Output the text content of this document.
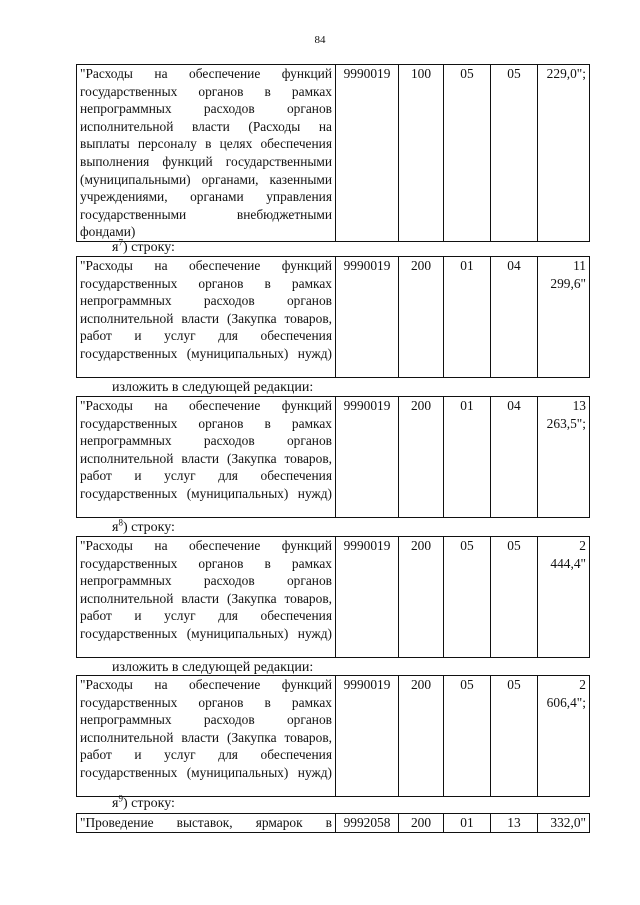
84
"Расходы на обеспечение функций государственных органов в рамках непрограммных расходов органов исполнительной власти (Расходы на выплаты персоналу в целях обеспечения выполнения функций государственными (муниципальными) органами, казенными учреждениями, органами управления государственными внебюджетными фондами)	9990019	100	05	05	229,0";
$я^7$) строку:
"Расходы на обеспечение функций государственных органов в рамках непрограммных расходов органов исполнительной власти (Закупка товаров, работ и услуг для обеспечения государственных (муниципальных) нужд)	9990019	200	01	04	11 299,6"
изложить в следующей редакции:
"Расходы на обеспечение функций государственных органов в рамках непрограммных расходов органов исполнительной власти (Закупка товаров, работ и услуг для обеспечения государственных (муниципальных) нужд)	9990019	200	01	04	13 263,5";
$я^8$) строку:
"Расходы на обеспечение функций государственных органов в рамках непрограммных расходов органов исполнительной власти (Закупка товаров, работ и услуг для обеспечения государственных (муниципальных) нужд)	9990019	200	05	05	2 444,4"
изложить в следующей редакции:
"Расходы на обеспечение функций государственных органов в рамках непрограммных расходов органов исполнительной власти (Закупка товаров, работ и услуг для обеспечения государственных (муниципальных) нужд)	9990019	200	05	05	2 606,4";
$я^9$) строку:
"Проведение выставок, ярмарок в	9992058	200	01	13	332,0"
